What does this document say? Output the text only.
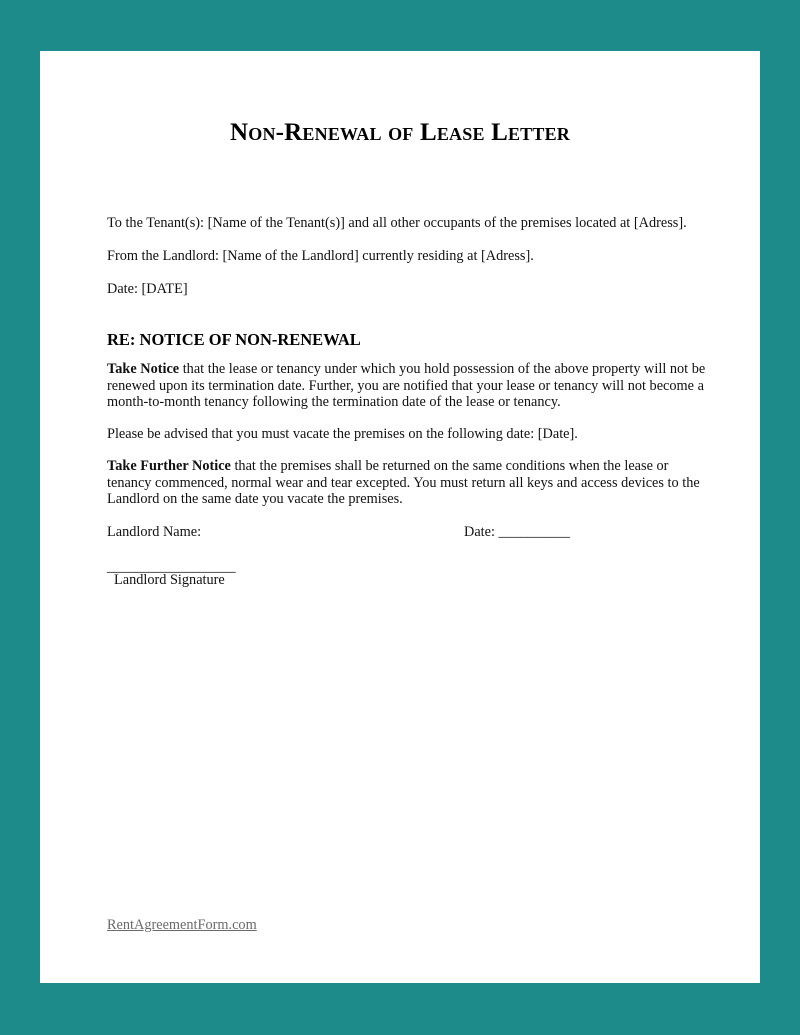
Non-Renewal of Lease Letter

To the Tenant(s): [Name of the Tenant(s)] and all other occupants of the premises located at [Adress].

From the Landlord: [Name of the Landlord] currently residing at [Adress].

Date: [DATE]

RE: NOTICE OF NON-RENEWAL

Take Notice that the lease or tenancy under which you hold possession of the above property will not be renewed upon its termination date. Further, you are notified that your lease or tenancy will not become a month-to-month tenancy following the termination date of the lease or tenancy.

Please be advised that you must vacate the premises on the following date: [Date].

Take Further Notice that the premises shall be returned on the same conditions when the lease or tenancy commenced, normal wear and tear excepted. You must return all keys and access devices to the Landlord on the same date you vacate the premises.

Landlord Name:	Date: __________

__________________

Landlord Signature

RentAgreementForm.com
